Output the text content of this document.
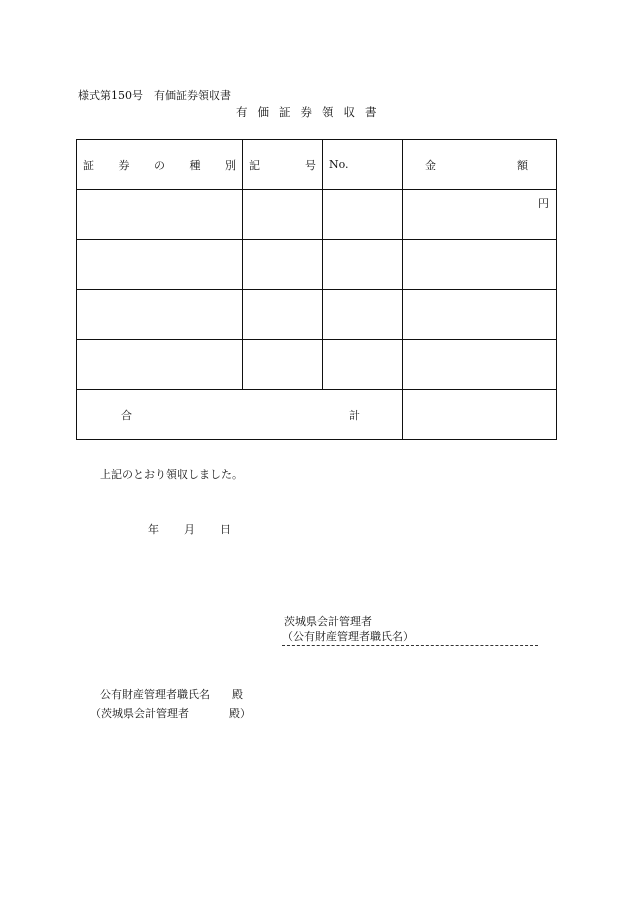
様式第150号　有価証券領収書
有価証券領収書
証 券 の 種 別	記 号	No.	金 額

			円

合 計			

上記のとおり領収しました。
年 月 日
茨城県会計管理者
（公有財産管理者職氏名）
公有財産管理者職氏名 殿
（茨城県会計管理者	殿）
